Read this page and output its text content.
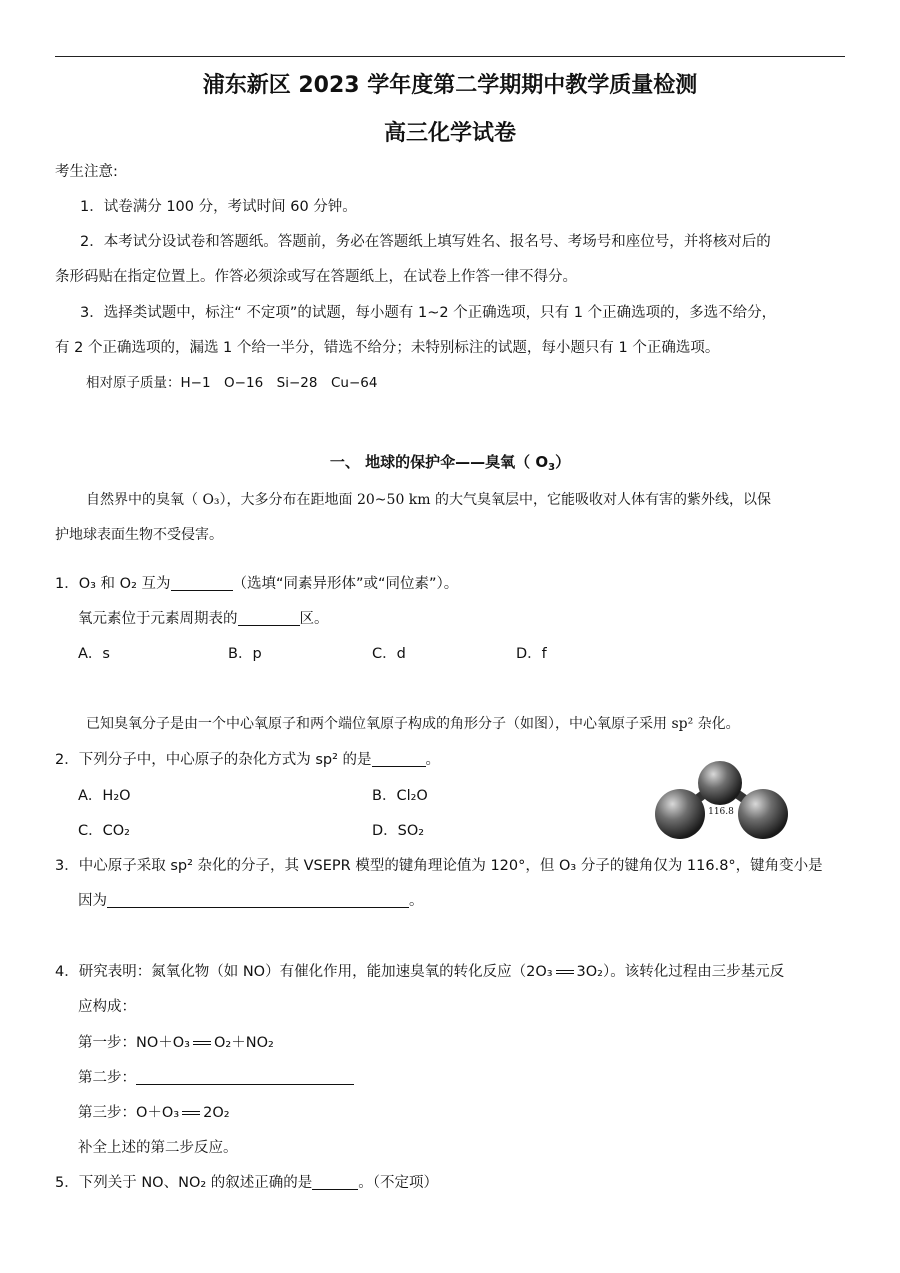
浦东新区 2023 学年度第二学期期中教学质量检测
高三化学试卷
考生注意:
1．试卷满分 100 分，考试时间 60 分钟。
2．本考试分设试卷和答题纸。答题前，务必在答题纸上填写姓名、报名号、考场号和座位号，并将核对后的
条形码贴在指定位置上。作答必须涂或写在答题纸上，在试卷上作答一律不得分。
3．选择类试题中，标注“ 不定项”的试题，每小题有 1~2 个正确选项，只有 1 个正确选项的，多选不给分，
有 2 个正确选项的，漏选 1 个给一半分，错选不给分；未特别标注的试题，每小题只有 1 个正确选项。
相对原子质量：H−1　O−16　Si−28　Cu−64
一、 地球的保护伞——臭氧（ $O_3$）
自然界中的臭氧（ O₃），大多分布在距地面 20~50 km 的大气臭氧层中，它能吸收对人体有害的紫外线，以保
护地球表面生物不受侵害。
1．O₃ 和 O₂ 互为	（选填“同素异形体”或“同位素”）。
氧元素位于元素周期表的	区。
A．s	B．p	C．d	D．f
已知臭氧分子是由一个中心氧原子和两个端位氧原子构成的角形分子（如图），中心氧原子采用 sp² 杂化。
2．下列分子中，中心原子的杂化方式为 sp² 的是	。
A．H₂O	B．Cl₂O
C．CO₂	D．SO₂
116.8
3．中心原子采取 sp² 杂化的分子，其 VSEPR 模型的键角理论值为 120°，但 O₃ 分子的键角仅为 116.8°，键角变小是
因为	。
4．研究表明：氮氧化物（如 NO）有催化作用，能加速臭氧的转化反应（2O₃ 3O₂）。该转化过程由三步基元反
应构成：
第一步：NO＋O₃ O₂＋NO₂
第二步：
第三步：O＋O₃ 2O₂
补全上述的第二步反应。
5．下列关于 NO、NO₂ 的叙述正确的是	。（不定项）
